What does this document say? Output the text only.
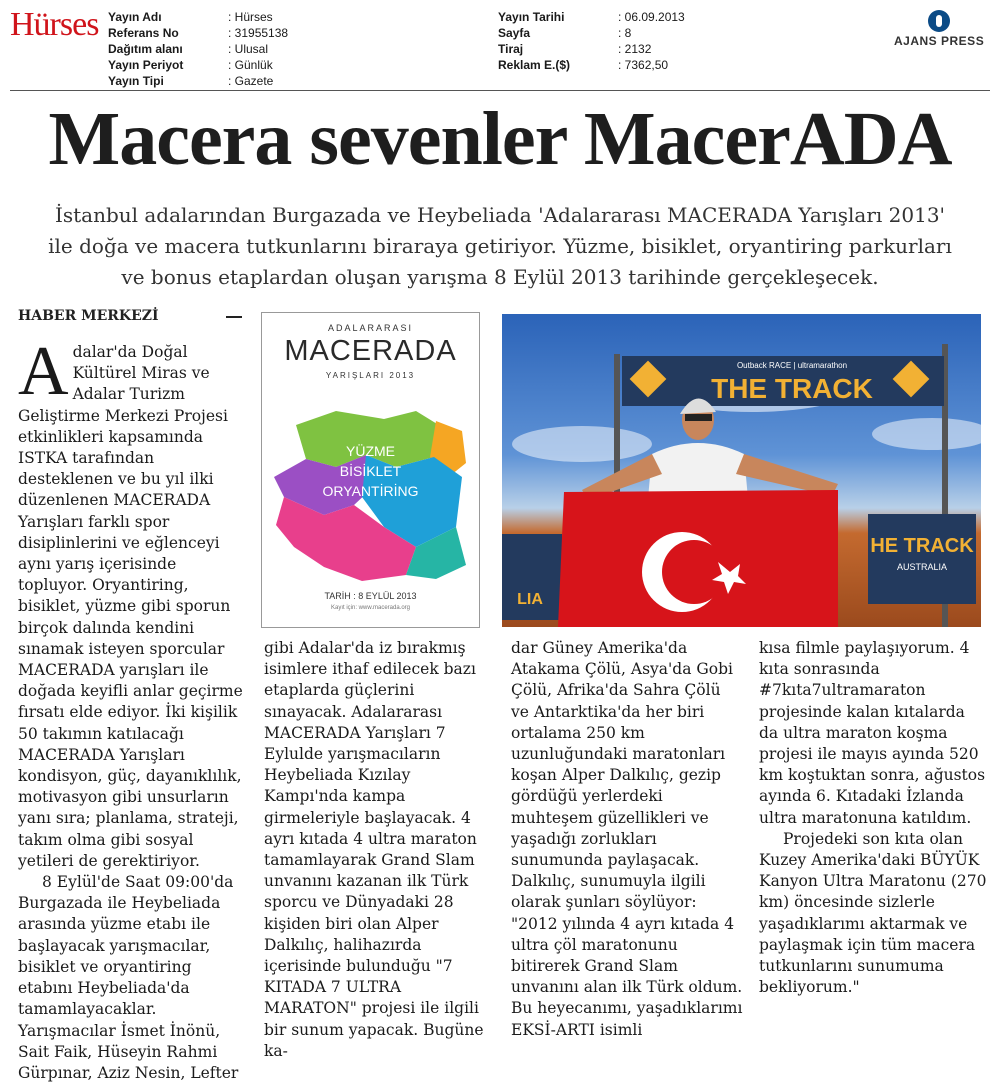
Hürses Yayın Adı	: Hürses
Referans No	: 31955138
Dağıtım alanı	: Ulusal
Yayın Periyot	: Günlük
Yayın Tipi	: Gazete
Yayın Tarihi	: 06.09.2013
Sayfa	: 8
Tiraj	: 2132
Reklam E.($)	: 7362,50
AJANS PRESS
Macera sevenler MacerADA
İstanbul adalarından Burgazada ve Heybeliada 'Adalararası MACERADA Yarışları 2013' ile doğa ve macera tutkunlarını biraraya getiriyor. Yüzme, bisiklet, oryantiring parkurları ve bonus etaplardan oluşan yarışma 8 Eylül 2013 tarihinde gerçekleşecek.
HABER MERKEZİ

Adalar'da Doğal Kültürel Miras ve Adalar Turizm Geliştirme Merkezi Projesi etkinlikleri kapsamında ISTKA tarafından desteklenen ve bu yıl ilki düzenlenen MACERADA Yarışları farklı spor disiplinlerini ve eğlenceyi aynı yarış içerisinde topluyor. Oryantiring, bisiklet, yüzme gibi sporun birçok dalında kendini sınamak isteyen sporcular MACERADA yarışları ile doğada keyifli anlar geçirme fırsatı elde ediyor. İki kişilik 50 takımın katılacağı MACERADA Yarışları kondisyon, güç, dayanıklılık, motivasyon gibi unsurların yanı sıra; planlama, strateji, takım olma gibi sosyal yetileri de gerektiriyor.

8 Eylül'de Saat 09:00'da Burgazada ile Heybeliada arasında yüzme etabı ile başlayacak yarışmacılar, bisiklet ve oryantiring etabını Heybeliada'da tamamlayacaklar. Yarışmacılar İsmet İnönü, Sait Faik, Hüseyin Rahmi Gürpınar, Aziz Nesin, Lefter

ADALARARASI
MACERADA
YARIŞLARI 2013
YÜZME
BİSİKLET
ORYANTİRİNG
TARİH : 8 EYLÜL 2013
Kayıt için: www.macerada.org
Outback RACE | ultramarathon
THE TRACK
HE TRACK
AUSTRALIA
LIA

gibi Adalar'da iz bırakmış isimlere ithaf edilecek bazı etaplarda güçlerini sınayacak. Adalararası MACERADA Yarışları 7 Eylulde yarışmacıların Heybeliada Kızılay Kampı'nda kampa girmeleriyle başlayacak. 4 ayrı kıtada 4 ultra maraton tamamlayarak Grand Slam unvanını kazanan ilk Türk sporcu ve Dünyadaki 28 kişiden biri olan Alper Dalkılıç, halihazırda içerisinde bulunduğu "7 KITADA 7 ULTRA MARATON" projesi ile ilgili bir sunum yapacak. Bugüne ka-

dar Güney Amerika'da Atakama Çölü, Asya'da Gobi Çölü, Afrika'da Sahra Çölü ve Antarktika'da her biri ortalama 250 km uzunluğundaki maratonları koşan Alper Dalkılıç, gezip gördüğü yerlerdeki muhteşem güzellikleri ve yaşadığı zorlukları sunumunda paylaşacak. Dalkılıç, sunumuyla ilgili olarak şunları söylüyor: "2012 yılında 4 ayrı kıtada 4 ultra çöl maratonunu bitirerek Grand Slam unvanını alan ilk Türk oldum. Bu heyecanımı, yaşadıklarımı EKSİ-ARTI isimli

kısa filmle paylaşıyorum. 4 kıta sonrasında #7kıta7ultramaraton projesinde kalan kıtalarda da ultra maraton koşma projesi ile mayıs ayında 520 km koştuktan sonra, ağustos ayında 6. Kıtadaki İzlanda ultra maratonuna katıldım.

Projedeki son kıta olan Kuzey Amerika'daki BÜYÜK Kanyon Ultra Maratonu (270 km) öncesinde sizlerle yaşadıklarımı aktarmak ve paylaşmak için tüm macera tutkunlarını sunumuma bekliyorum."
